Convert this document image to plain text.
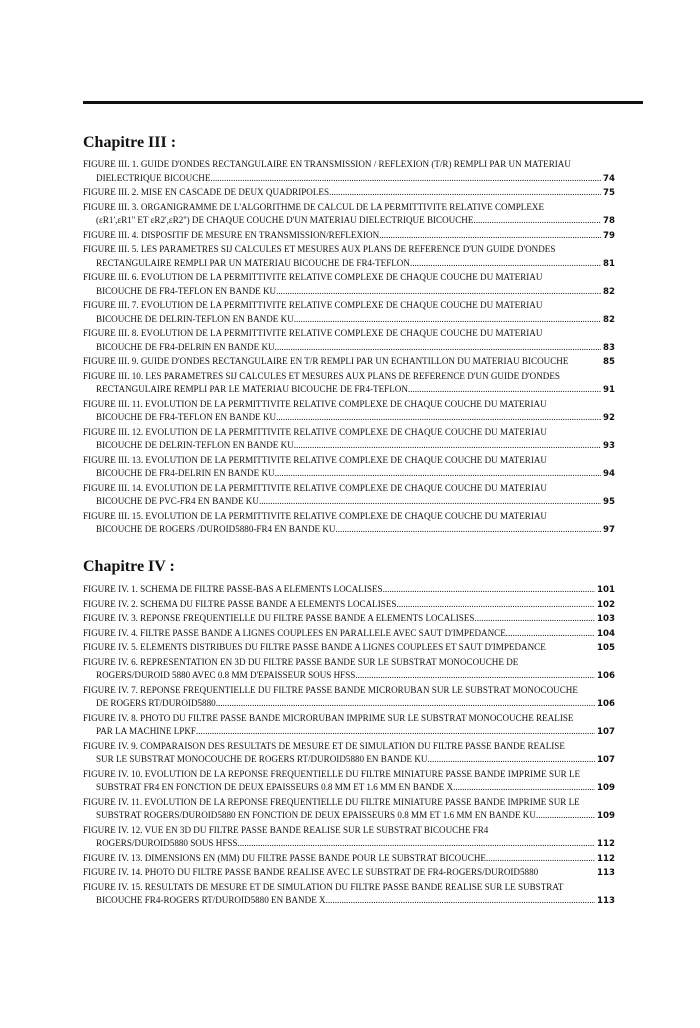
Chapitre III :
FIGURE III. 1. GUIDE D'ONDES RECTANGULAIRE EN TRANSMISSION / REFLEXION (T/R) REMPLI PAR UN MATERIAU
DIELECTRIQUE BICOUCHE .....	74
FIGURE III. 2. MISE EN CASCADE DE DEUX QUADRIPOLES .....	75
FIGURE III. 3. ORGANIGRAMME DE L'ALGORITHME DE CALCUL DE LA PERMITTIVITE RELATIVE COMPLEXE
(εR1',εR1'' ET εR2',εR2'') DE CHAQUE COUCHE D'UN MATERIAU DIELECTRIQUE BICOUCHE .....	78
FIGURE III. 4. DISPOSITIF DE MESURE EN TRANSMISSION/REFLEXION .....	79
FIGURE III. 5. LES PARAMETRES SIJ CALCULES ET MESURES AUX PLANS DE REFERENCE D'UN GUIDE D'ONDES
RECTANGULAIRE REMPLI PAR UN MATERIAU BICOUCHE DE FR4-TEFLON .....	81
FIGURE III. 6. EVOLUTION DE LA PERMITTIVITE RELATIVE COMPLEXE DE CHAQUE COUCHE DU MATERIAU
BICOUCHE DE FR4-TEFLON EN BANDE KU .....	82
FIGURE III. 7. EVOLUTION DE LA PERMITTIVITE RELATIVE COMPLEXE DE CHAQUE COUCHE DU MATERIAU
BICOUCHE DE DELRIN-TEFLON EN BANDE KU .....	82
FIGURE III. 8. EVOLUTION DE LA PERMITTIVITE RELATIVE COMPLEXE DE CHAQUE COUCHE DU MATERIAU
BICOUCHE DE FR4-DELRIN EN BANDE KU .....	83
FIGURE III. 9. GUIDE D'ONDES RECTANGULAIRE EN T/R REMPLI PAR UN ECHANTILLON DU MATERIAU BICOUCHE	85
FIGURE III. 10. LES PARAMETRES SIJ CALCULES ET MESURES AUX PLANS DE REFERENCE D'UN GUIDE D'ONDES
RECTANGULAIRE REMPLI PAR LE MATERIAU BICOUCHE DE FR4-TEFLON .....	91
FIGURE III. 11. EVOLUTION DE LA PERMITTIVITE RELATIVE COMPLEXE DE CHAQUE COUCHE DU MATERIAU
BICOUCHE DE FR4-TEFLON EN BANDE KU .....	92
FIGURE III. 12. EVOLUTION DE LA PERMITTIVITE RELATIVE COMPLEXE DE CHAQUE COUCHE DU MATERIAU
BICOUCHE DE DELRIN-TEFLON EN BANDE KU .....	93
FIGURE III. 13. EVOLUTION DE LA PERMITTIVITE RELATIVE COMPLEXE DE CHAQUE COUCHE DU MATERIAU
BICOUCHE DE FR4-DELRIN EN BANDE KU .....	94
FIGURE III. 14. EVOLUTION DE LA PERMITTIVITE RELATIVE COMPLEXE DE CHAQUE COUCHE DU MATERIAU
BICOUCHE DE PVC-FR4 EN BANDE KU .....	95
FIGURE III. 15. EVOLUTION DE LA PERMITTIVITE RELATIVE COMPLEXE DE CHAQUE COUCHE DU MATERIAU
BICOUCHE DE ROGERS /DUROID5880-FR4 EN BANDE KU .....	97
Chapitre IV :
FIGURE IV. 1. SCHEMA DE FILTRE PASSE-BAS A ELEMENTS LOCALISES .....	101
FIGURE IV. 2. SCHEMA DU FILTRE PASSE BANDE A ELEMENTS LOCALISES .....	102
FIGURE IV. 3. REPONSE FREQUENTIELLE DU FILTRE PASSE BANDE A ELEMENTS LOCALISES .....	103
FIGURE IV. 4. FILTRE PASSE BANDE A LIGNES COUPLEES EN PARALLELE AVEC SAUT D'IMPEDANCE .....	104
FIGURE IV. 5. ELEMENTS DISTRIBUES DU FILTRE PASSE BANDE A LIGNES COUPLEES ET SAUT D'IMPEDANCE	105
FIGURE IV. 6. REPRESENTATION EN 3D DU FILTRE PASSE BANDE SUR LE SUBSTRAT MONOCOUCHE DE
ROGERS/DUROID 5880 AVEC 0.8 MM D'EPAISSEUR SOUS HFSS .....	106
FIGURE IV. 7. REPONSE FREQUENTIELLE DU FILTRE PASSE BANDE MICRORUBAN SUR LE SUBSTRAT MONOCOUCHE
DE ROGERS RT/DUROID5880 .....	106
FIGURE IV. 8. PHOTO DU FILTRE PASSE BANDE MICRORUBAN IMPRIME SUR LE SUBSTRAT MONOCOUCHE REALISE
PAR LA MACHINE LPKF .....	107
FIGURE IV. 9. COMPARAISON DES RESULTATS DE MESURE ET DE SIMULATION DU FILTRE PASSE BANDE REALISE
SUR LE SUBSTRAT MONOCOUCHE DE ROGERS RT/DUROID5880 EN BANDE KU .....	107
FIGURE IV. 10. EVOLUTION DE LA REPONSE FREQUENTIELLE DU FILTRE MINIATURE PASSE BANDE IMPRIME SUR LE
SUBSTRAT FR4 EN FONCTION DE DEUX EPAISSEURS 0.8 MM ET 1.6 MM EN BANDE X .....	109
FIGURE IV. 11. EVOLUTION DE LA REPONSE FREQUENTIELLE DU FILTRE MINIATURE PASSE BANDE IMPRIME SUR LE
SUBSTRAT ROGERS/DUROID5880 EN FONCTION DE DEUX EPAISSEURS 0.8 MM ET 1.6 MM EN BANDE KU .....	109
FIGURE IV. 12. VUE EN 3D DU FILTRE PASSE BANDE REALISE SUR LE SUBSTRAT BICOUCHE FR4
ROGERS/DUROID5880 SOUS HFSS .....	112
FIGURE IV. 13. DIMENSIONS EN (MM) DU FILTRE PASSE BANDE POUR LE SUBSTRAT BICOUCHE .....	112
FIGURE IV. 14. PHOTO DU FILTRE PASSE BANDE REALISE AVEC LE SUBSTRAT DE FR4-ROGERS/DUROID5880	113
FIGURE IV. 15. RESULTATS DE MESURE ET DE SIMULATION DU FILTRE PASSE BANDE REALISE SUR LE SUBSTRAT
BICOUCHE FR4-ROGERS RT/DUROID5880 EN BANDE X .....	113
